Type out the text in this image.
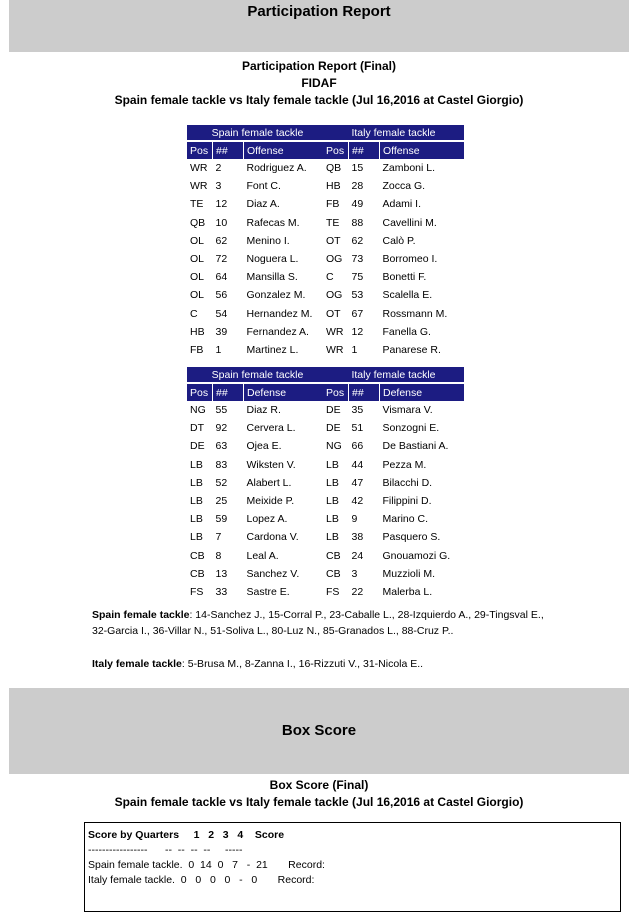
Participation Report
Participation Report (Final)
FIDAF
Spain female tackle vs Italy female tackle (Jul 16,2016 at Castel Giorgio)
Spain female tackle		
Pos	##	Offense
WR	2	Rodriguez A.
WR	3	Font C.
TE	12	Diaz A.
QB	10	Rafecas M.
OL	62	Menino I.
OL	72	Noguera L.
OL	64	Mansilla S.
OL	56	Gonzalez M.
C	54	Hernandez M.
HB	39	Fernandez A.
FB	1	Martinez L.
Italy female tackle		
Pos	##	Offense
QB	15	Zamboni L.
HB	28	Zocca G.
FB	49	Adami I.
TE	88	Cavellini M.
OT	62	Calò P.
OG	73	Borromeo I.
C	75	Bonetti F.
OG	53	Scalella E.
OT	67	Rossmann M.
WR	12	Fanella G.
WR	1	Panarese R.
Spain female tackle		
Pos	##	Defense
NG	55	Diaz R.
DT	92	Cervera L.
DE	63	Ojea E.
LB	83	Wiksten V.
LB	52	Alabert L.
LB	25	Meixide P.
LB	59	Lopez A.
LB	7	Cardona V.
CB	8	Leal A.
CB	13	Sanchez V.
FS	33	Sastre E.
Italy female tackle		
Pos	##	Defense
DE	35	Vismara V.
DE	51	Sonzogni E.
NG	66	De Bastiani A.
LB	44	Pezza M.
LB	47	Bilacchi D.
LB	42	Filippini D.
LB	9	Marino C.
LB	38	Pasquero S.
CB	24	Gnouamozi G.
CB	3	Muzzioli M.
FS	22	Malerba L.
Spain female tackle: 14-Sanchez J., 15-Corral P., 23-Caballe L., 28-Izquierdo A., 29-Tingsval E., 32-Garcia I., 36-Villar N., 51-Soliva L., 80-Luz N., 85-Granados L., 88-Cruz P..
Italy female tackle: 5-Brusa M., 8-Zanna I., 16-Rizzuti V., 31-Nicola E..
Box Score
Box Score (Final)
Spain female tackle vs Italy female tackle (Jul 16,2016 at Castel Giorgio)
Score by Quarters     1   2   3   4    Score
-----------------      --  --  --  --     -----
Spain female tackle.  0  14  0   7   -  21       Record:
Italy female tackle.  0   0   0   0   -   0       Record:
